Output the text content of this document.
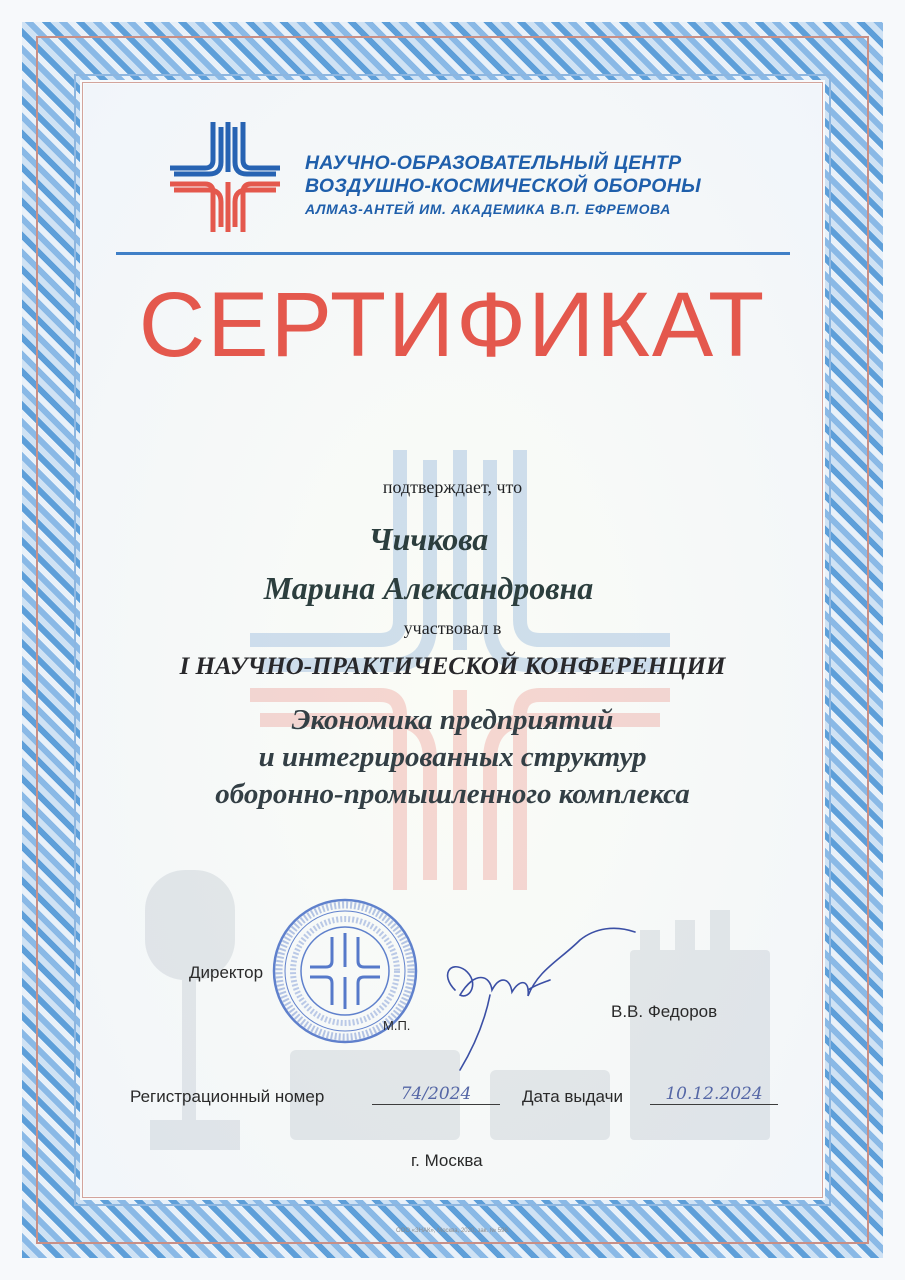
НАУЧНО-ОБРАЗОВАТЕЛЬНЫЙ ЦЕНТР
ВОЗДУШНО-КОСМИЧЕСКОЙ ОБОРОНЫ
АЛМАЗ-АНТЕЙ ИМ. АКАДЕМИКА В.П. ЕФРЕМОВА
СЕРТИФИКАТ
подтверждает, что
Чичкова
Марина Александровна
участвовал в
I НАУЧНО-ПРАКТИЧЕСКОЙ КОНФЕРЕНЦИИ
Экономика предприятий
и интегрированных структур
оборонно-промышленного комплекса
Директор
М.П.
В.В. Федоров
Регистрационный номер	74/2024	Дата выдачи	10.12.2024
г. Москва
ООО «ЗНАК», Москва, 2020, зак. № 598.
